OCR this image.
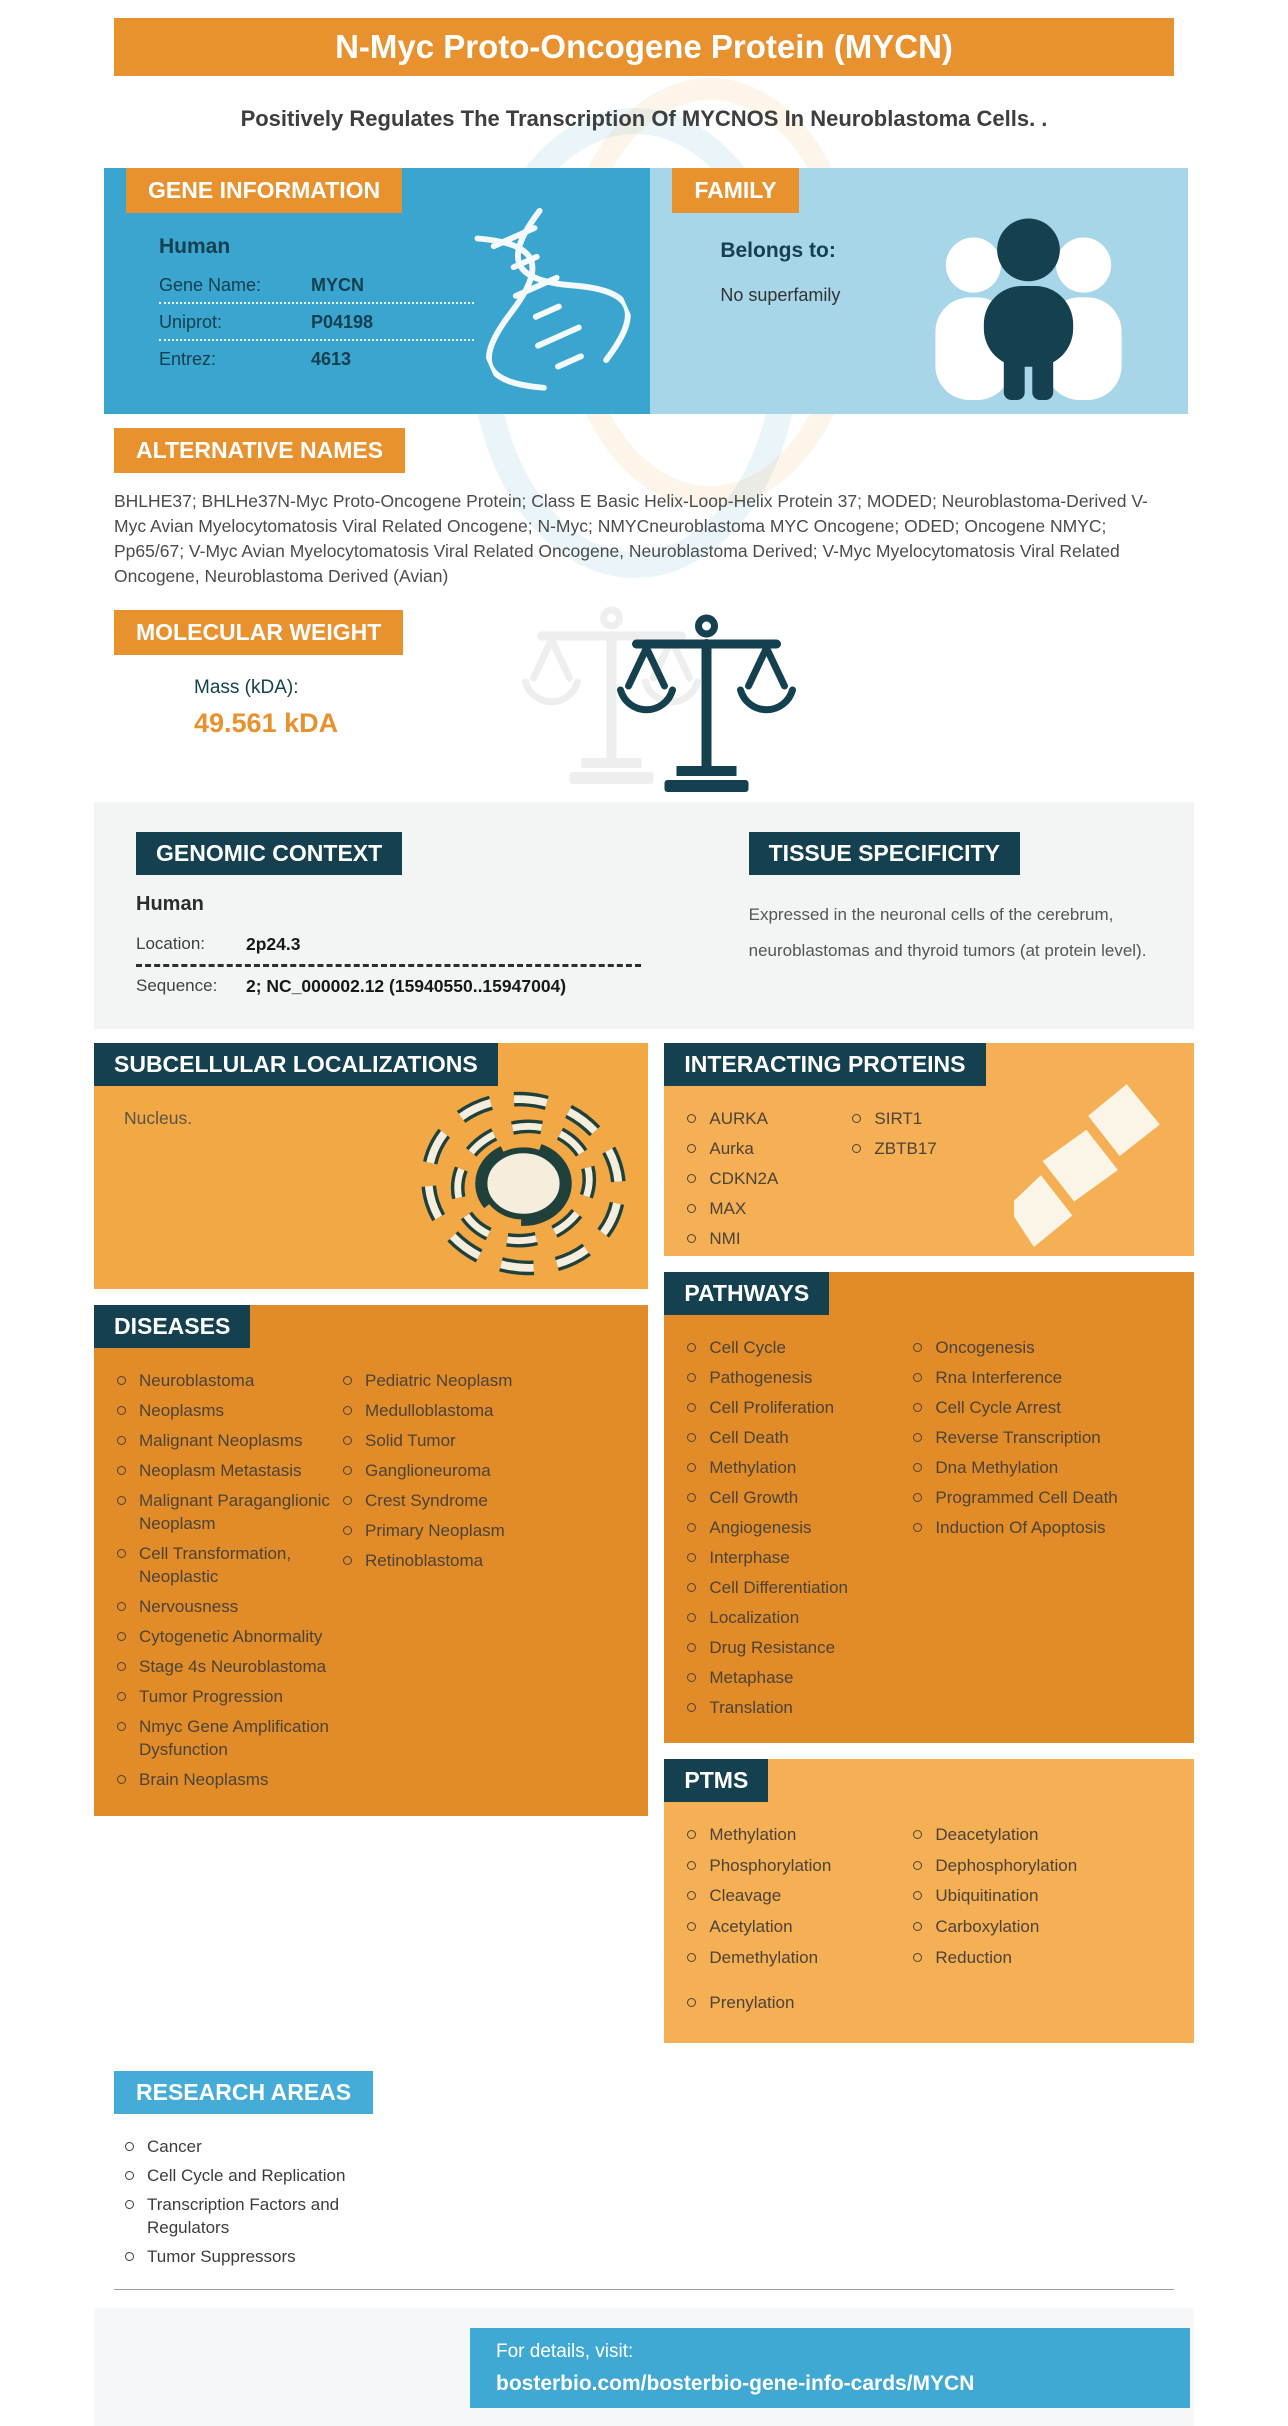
N-Myc Proto-Oncogene Protein (MYCN)
Positively Regulates The Transcription Of MYCNOS In Neuroblastoma Cells. .
GENE INFORMATION
Human
Gene Name:	MYCN
Uniprot:	P04198
Entrez:	4613
FAMILY
Belongs to:
No superfamily
ALTERNATIVE NAMES
BHLHE37; BHLHe37N-Myc Proto-Oncogene Protein; Class E Basic Helix-Loop-Helix Protein 37; MODED; Neuroblastoma-Derived V-Myc Avian Myelocytomatosis Viral Related Oncogene; N-Myc; NMYCneuroblastoma MYC Oncogene; ODED; Oncogene NMYC; Pp65/67; V-Myc Avian Myelocytomatosis Viral Related Oncogene, Neuroblastoma Derived; V-Myc Myelocytomatosis Viral Related Oncogene, Neuroblastoma Derived (Avian)
MOLECULAR WEIGHT
Mass (kDA):
49.561 kDA
GENOMIC CONTEXT
Human
Location:	2p24.3
Sequence:	2; NC_000002.12 (15940550..15947004)
TISSUE SPECIFICITY
Expressed in the neuronal cells of the cerebrum, neuroblastomas and thyroid tumors (at protein level).
SUBCELLULAR LOCALIZATIONS
Nucleus.
DISEASES
Neuroblastoma
Neoplasms
Malignant Neoplasms
Neoplasm Metastasis
Malignant Paraganglionic Neoplasm
Cell Transformation, Neoplastic
Nervousness
Cytogenetic Abnormality
Stage 4s Neuroblastoma
Tumor Progression
Nmyc Gene Amplification Dysfunction
Brain Neoplasms
Pediatric Neoplasm
Medulloblastoma
Solid Tumor
Ganglioneuroma
Crest Syndrome
Primary Neoplasm
Retinoblastoma
INTERACTING PROTEINS
AURKA
Aurka
CDKN2A
MAX
NMI
SIRT1
ZBTB17
PATHWAYS
Cell Cycle
Pathogenesis
Cell Proliferation
Cell Death
Methylation
Cell Growth
Angiogenesis
Interphase
Cell Differentiation
Localization
Drug Resistance
Metaphase
Translation
Oncogenesis
Rna Interference
Cell Cycle Arrest
Reverse Transcription
Dna Methylation
Programmed Cell Death
Induction Of Apoptosis
PTMS
Methylation
Phosphorylation
Cleavage
Acetylation
Demethylation
Prenylation
Deacetylation
Dephosphorylation
Ubiquitination
Carboxylation
Reduction
RESEARCH AREAS
Cancer
Cell Cycle and Replication
Transcription Factors and Regulators
Tumor Suppressors
For details, visit:
bosterbio.com/bosterbio-gene-info-cards/MYCN
